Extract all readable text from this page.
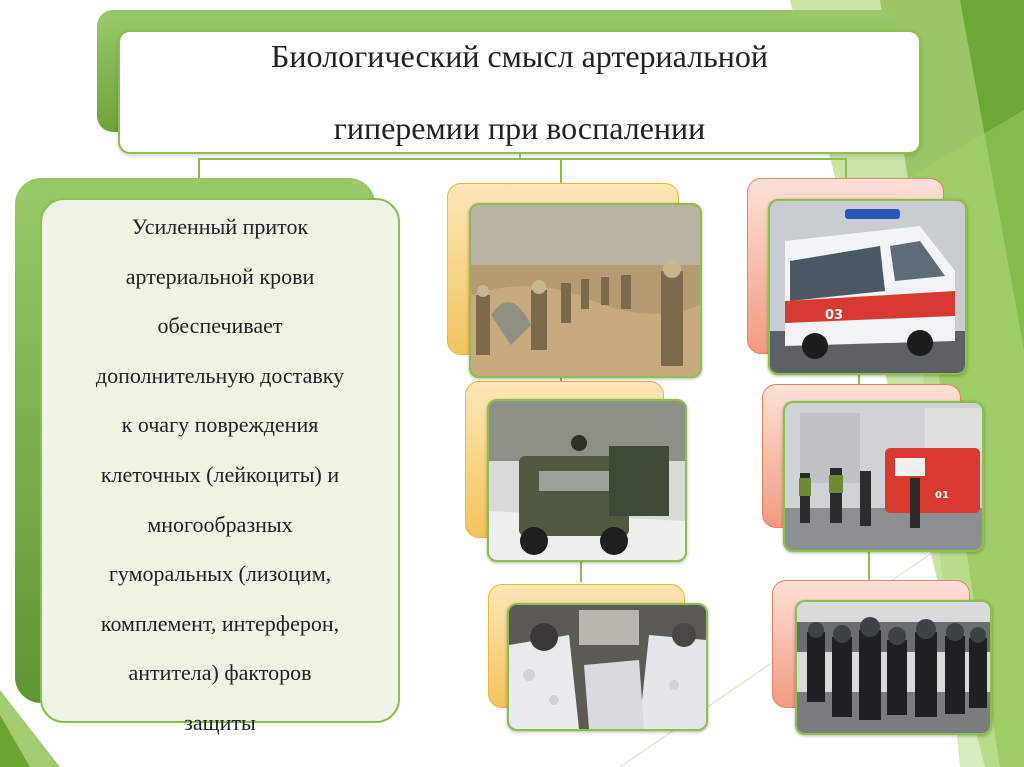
Биологический смысл артериальной
гиперемии при воспалении
Усиленный приток
артериальной крови
обеспечивает
дополнительную доставку
к очагу повреждения
клеточных (лейкоциты) и
многообразных
гуморальных (лизоцим,
комплемент, интерферон,
антитела) факторов
защиты
03
01
